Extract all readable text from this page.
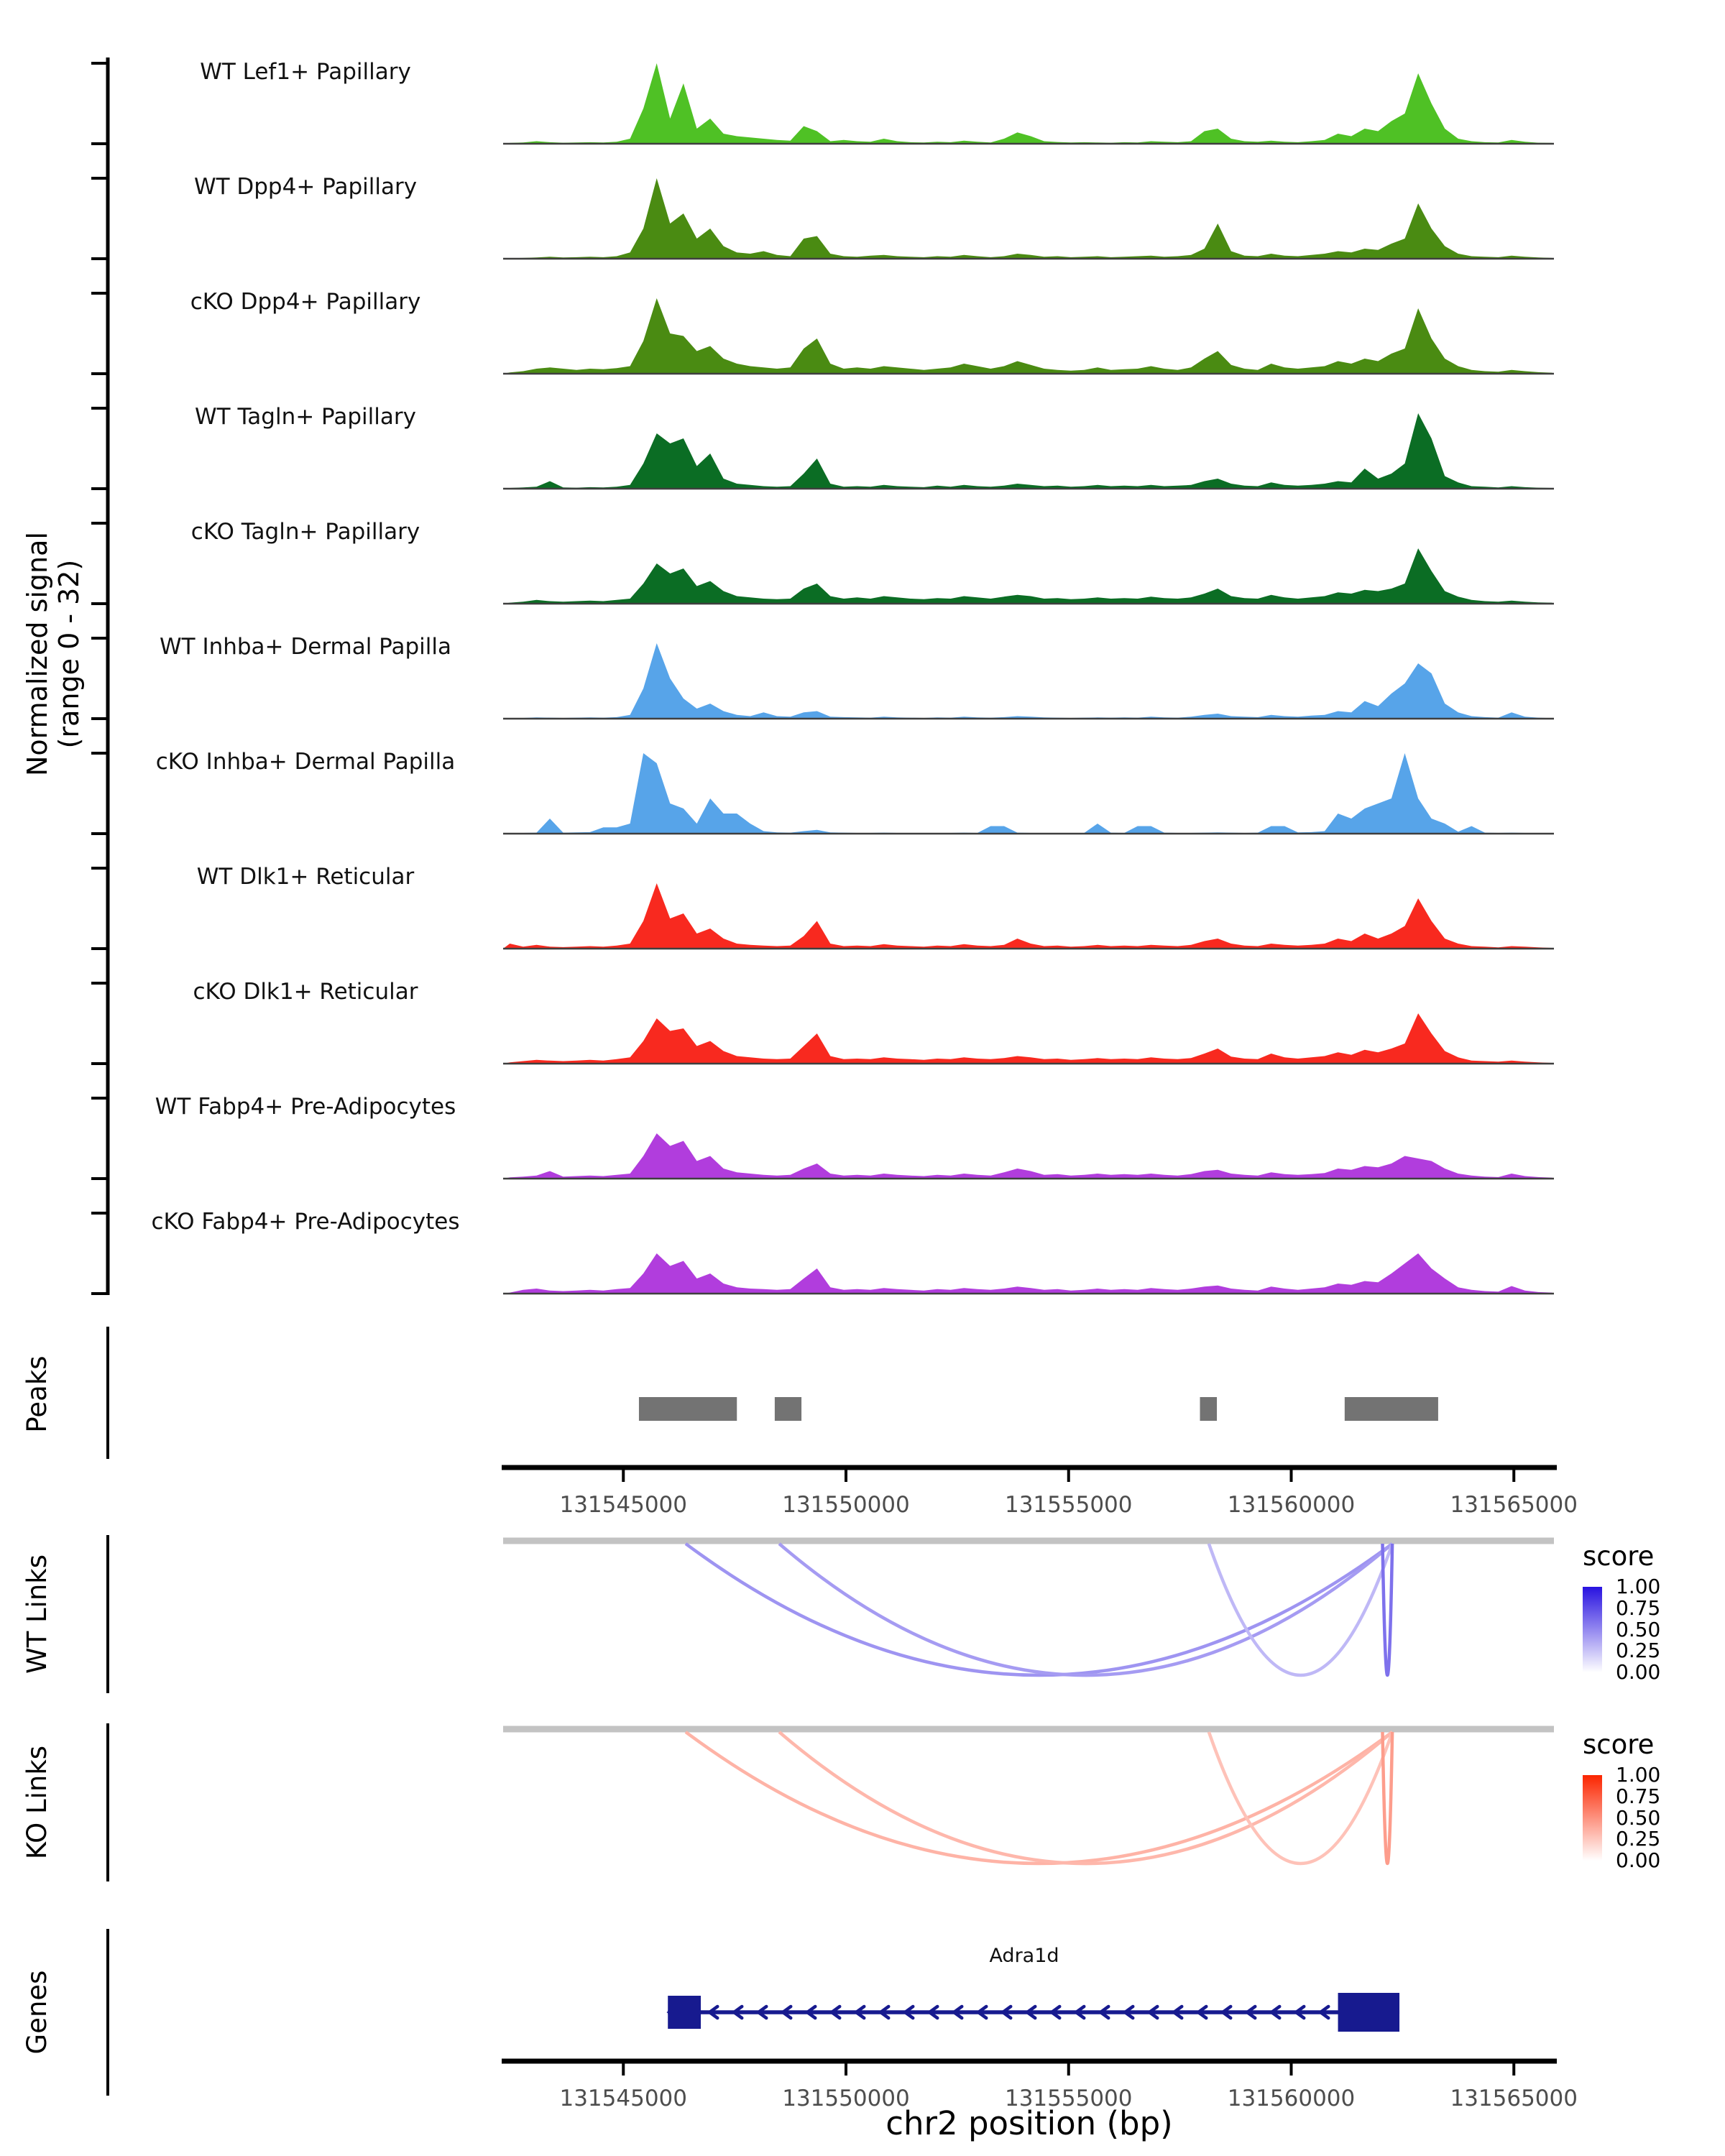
Normalized signal (range 0 - 32)
Peaks
WT Links
KO Links
Genes
score
1.00
0.75
0.50
0.25
0.00
score
1.00
0.75
0.50
0.25
0.00
Adra1d
chr2 position (bp)
WT Lef1+ Papillary
WT Dpp4+ Papillary
cKO Dpp4+ Papillary
WT Tagln+ Papillary
cKO Tagln+ Papillary
WT Inhba+ Dermal Papilla
cKO Inhba+ Dermal Papilla
WT Dlk1+ Reticular
cKO Dlk1+ Reticular
WT Fabp4+ Pre-Adipocytes
cKO Fabp4+ Pre-Adipocytes
131545000	131550000	131555000	131560000	131565000
131545000	131550000	131555000	131560000	131565000
